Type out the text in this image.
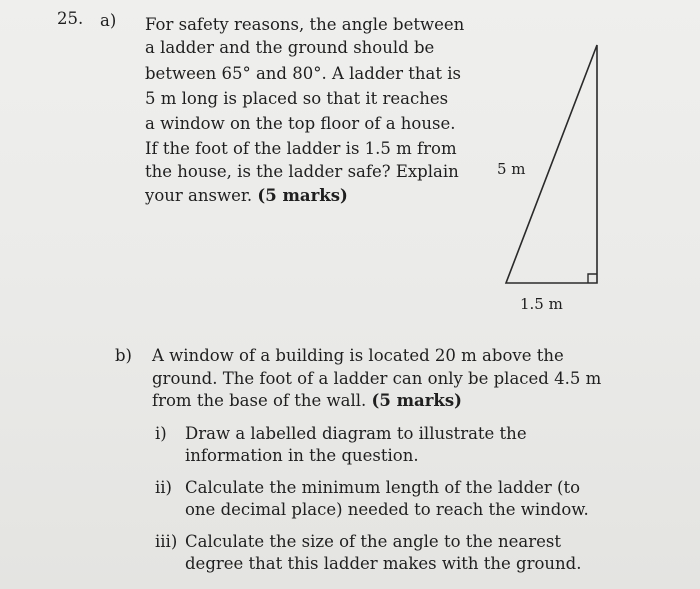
25. a) For safety reasons, the angle between
a ladder and the ground should be
between 65° and 80°. A ladder that is
5 m long is placed so that it reaches
a window on the top floor of a house.
If the foot of the ladder is 1.5 m from
the house, is the ladder safe? Explain
your answer. (5 marks)
5 m
1.5 m
b) A window of a building is located 20 m above the
ground. The foot of a ladder can only be placed 4.5 m
from the base of the wall. (5 marks)
i) Draw a labelled diagram to illustrate the
information in the question.
ii) Calculate the minimum length of the ladder (to
one decimal place) needed to reach the window.
iii) Calculate the size of the angle to the nearest
degree that this ladder makes with the ground.
